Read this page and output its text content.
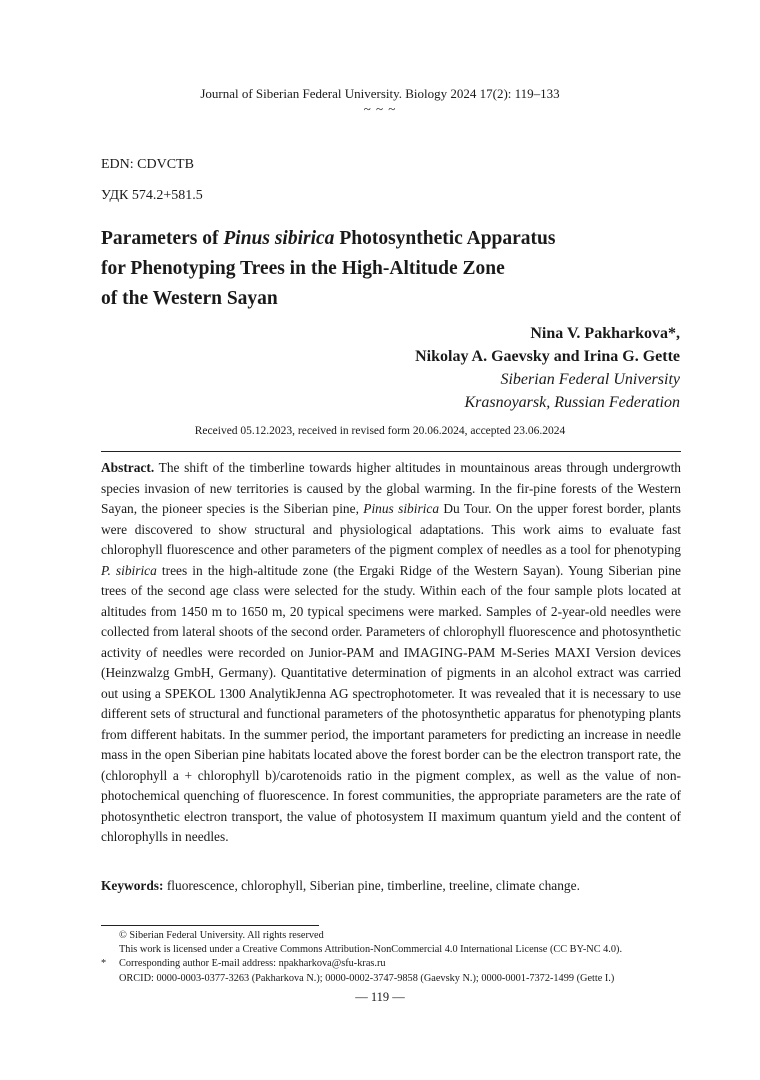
Journal of Siberian Federal University. Biology 2024 17(2): 119–133
~ ~ ~
EDN: CDVCTB
УДК 574.2+581.5
Parameters of Pinus sibirica Photosynthetic Apparatus
for Phenotyping Trees in the High-Altitude Zone
of the Western Sayan
Nina V. Pakharkova*,
Nikolay A. Gaevsky and Irina G. Gette
Siberian Federal University
Krasnoyarsk, Russian Federation
Received 05.12.2023, received in revised form 20.06.2024, accepted 23.06.2024
Abstract. The shift of the timberline towards higher altitudes in mountainous areas through undergrowth species invasion of new territories is caused by the global warming. In the fir-pine forests of the Western Sayan, the pioneer species is the Siberian pine, Pinus sibirica Du Tour. On the upper forest border, plants were discovered to show structural and physiological adaptations. This work aims to evaluate fast chlorophyll fluorescence and other parameters of the pigment complex of needles as a tool for phenotyping P. sibirica trees in the high-altitude zone (the Ergaki Ridge of the Western Sayan). Young Siberian pine trees of the second age class were selected for the study. Within each of the four sample plots located at altitudes from 1450 m to 1650 m, 20 typical specimens were marked. Samples of 2-year-old needles were collected from lateral shoots of the second order. Parameters of chlorophyll fluorescence and photosynthetic activity of needles were recorded on Junior-PAM and IMAGING-PAM M-Series MAXI Version devices (Heinzwalzg GmbH, Germany). Quantitative determination of pigments in an alcohol extract was carried out using a SPEKOL 1300 AnalytikJenna AG spectrophotometer. It was revealed that it is necessary to use different sets of structural and functional parameters of the photosynthetic apparatus for phenotyping plants from different habitats. In the summer period, the important parameters for predicting an increase in needle mass in the open Siberian pine habitats located above the forest border can be the electron transport rate, the (chlorophyll a + chlorophyll b)/carotenoids ratio in the pigment complex, as well as the value of non-photochemical quenching of fluorescence. In forest communities, the appropriate parameters are the rate of photosynthetic electron transport, the value of photosystem II maximum quantum yield and the content of chlorophylls in needles.
Keywords: fluorescence, chlorophyll, Siberian pine, timberline, treeline, climate change.
© Siberian Federal University. All rights reserved
This work is licensed under a Creative Commons Attribution-NonCommercial 4.0 International License (CC BY-NC 4.0).
* Corresponding author E-mail address: npakharkova@sfu-kras.ru
ORCID: 0000-0003-0377-3263 (Pakharkova N.); 0000-0002-3747-9858 (Gaevsky N.); 0000-0001-7372-1499 (Gette I.)
— 119 —
